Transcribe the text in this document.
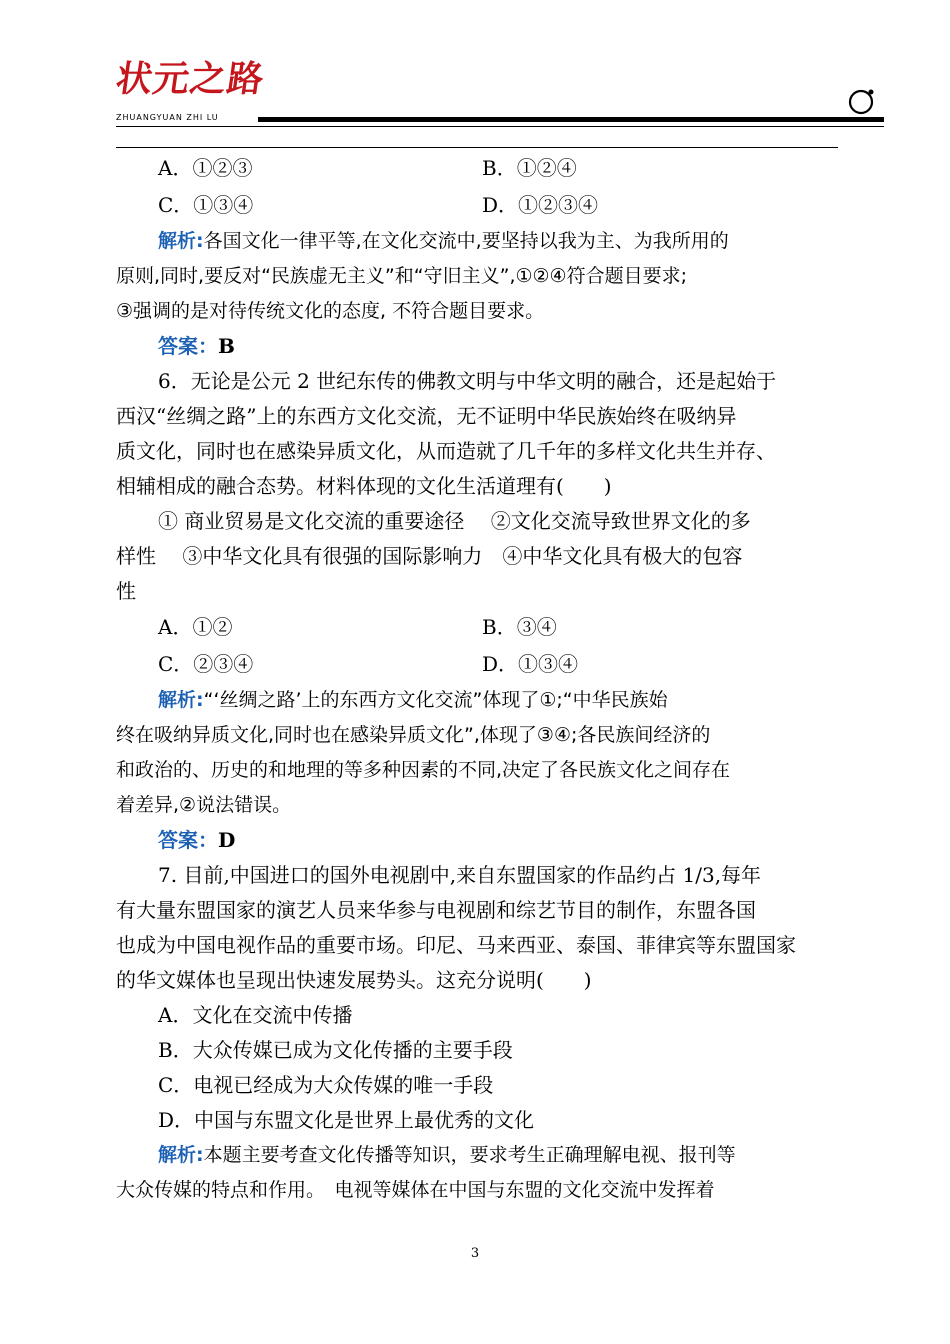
状元之路
ZHUANGYUAN ZHI LU
A．①②③	B．①②④
C．①③④	D．①②③④
解析:各国文化一律平等,在文化交流中,要坚持以我为主、为我所用的
原则,同时,要反对“民族虚无主义”和“守旧主义”,①②④符合题目要求;
③强调的是对待传统文化的态度, 不符合题目要求。
答案：B
6．无论是公元 2 世纪东传的佛教文明与中华文明的融合，还是起始于
西汉“丝绸之路”上的东西方文化交流，无不证明中华民族始终在吸纳异
质文化，同时也在感染异质文化，从而造就了几千年的多样文化共生并存、
相辅相成的融合态势。材料体现的文化生活道理有(　　)
① 商业贸易是文化交流的重要途径　 ②文化交流导致世界文化的多
样性　 ③中华文化具有很强的国际影响力　④中华文化具有极大的包容
性
A．①②	B．③④
C．②③④	D．①③④
解析:“‘丝绸之路’上的东西方文化交流”体现了①;“中华民族始
终在吸纳异质文化,同时也在感染异质文化”,体现了③④;各民族间经济的
和政治的、历史的和地理的等多种因素的不同,决定了各民族文化之间存在
着差异,②说法错误。
答案：D
7. 目前,中国进口的国外电视剧中,来自东盟国家的作品约占 1/3,每年
有大量东盟国家的演艺人员来华参与电视剧和综艺节目的制作，东盟各国
也成为中国电视作品的重要市场。印尼、马来西亚、泰国、菲律宾等东盟国家
的华文媒体也呈现出快速发展势头。这充分说明(　　)
A．文化在交流中传播
B．大众传媒已成为文化传播的主要手段
C．电视已经成为大众传媒的唯一手段
D．中国与东盟文化是世界上最优秀的文化
解析:本题主要考查文化传播等知识，要求考生正确理解电视、报刊等
大众传媒的特点和作用。　电视等媒体在中国与东盟的文化交流中发挥着
3
